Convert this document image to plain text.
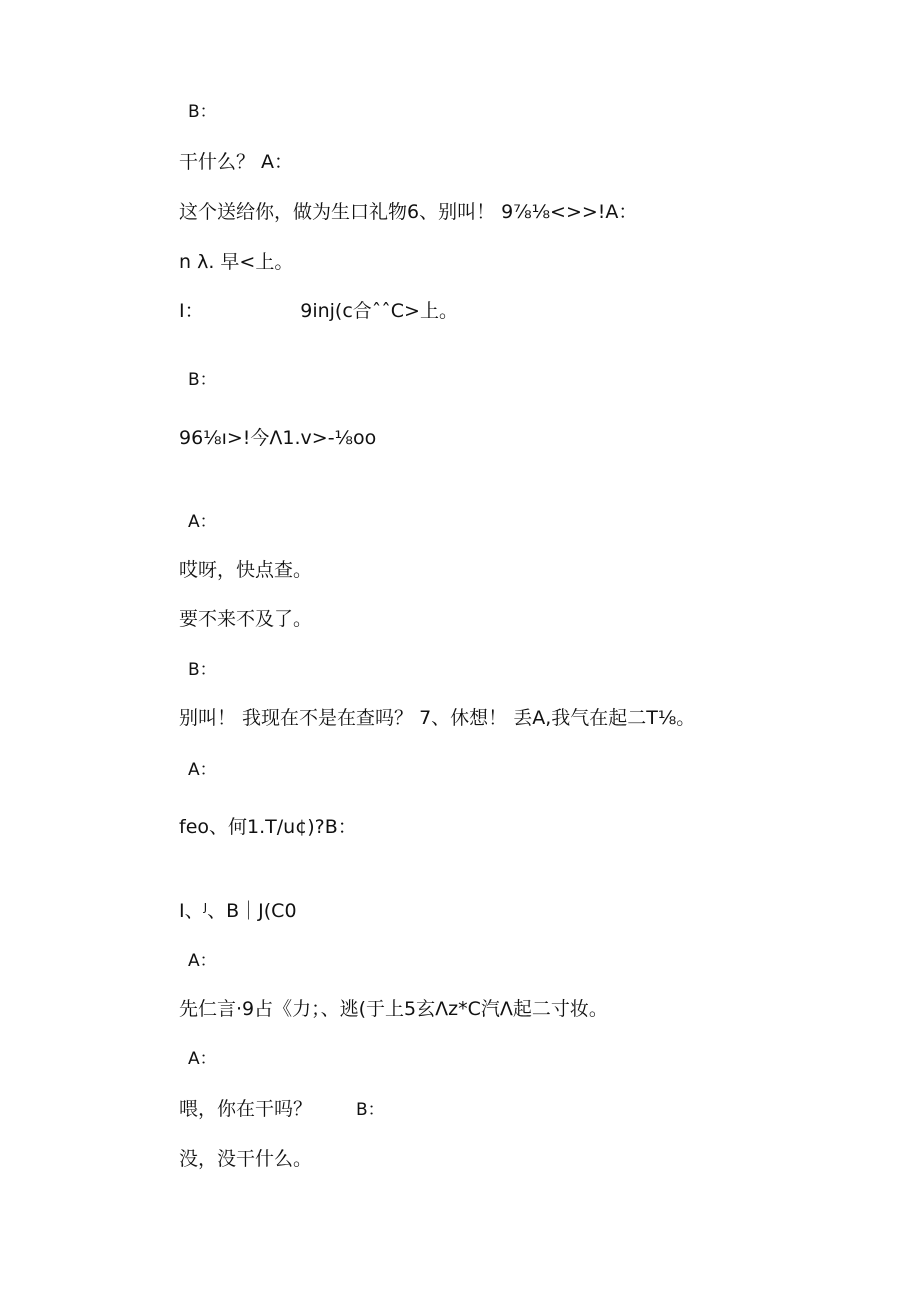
B：
干什么？ A：
这个送给你，做为生口礼物6、别叫！ 9⅞⅛<>>!A：
n λ. 早<上。
I：                9inj(c合ˆˆC>上。
B：
96⅛ı>!今Λ1.v>-⅛oo
A：
哎呀，快点查。
要不来不及了。
B：
别叫！ 我现在不是在查吗？ 7、休想！ 丢A,我气在起二T⅛。
A：
feo、何1.T/u¢)?B：
I、ᴶ、B｜J(C0
A：
先仁言·9占《力；、逃(于上5玄Λz*C汽Λ起二寸妆。
A：
喂，你在干吗？	B：
没，没干什么。
